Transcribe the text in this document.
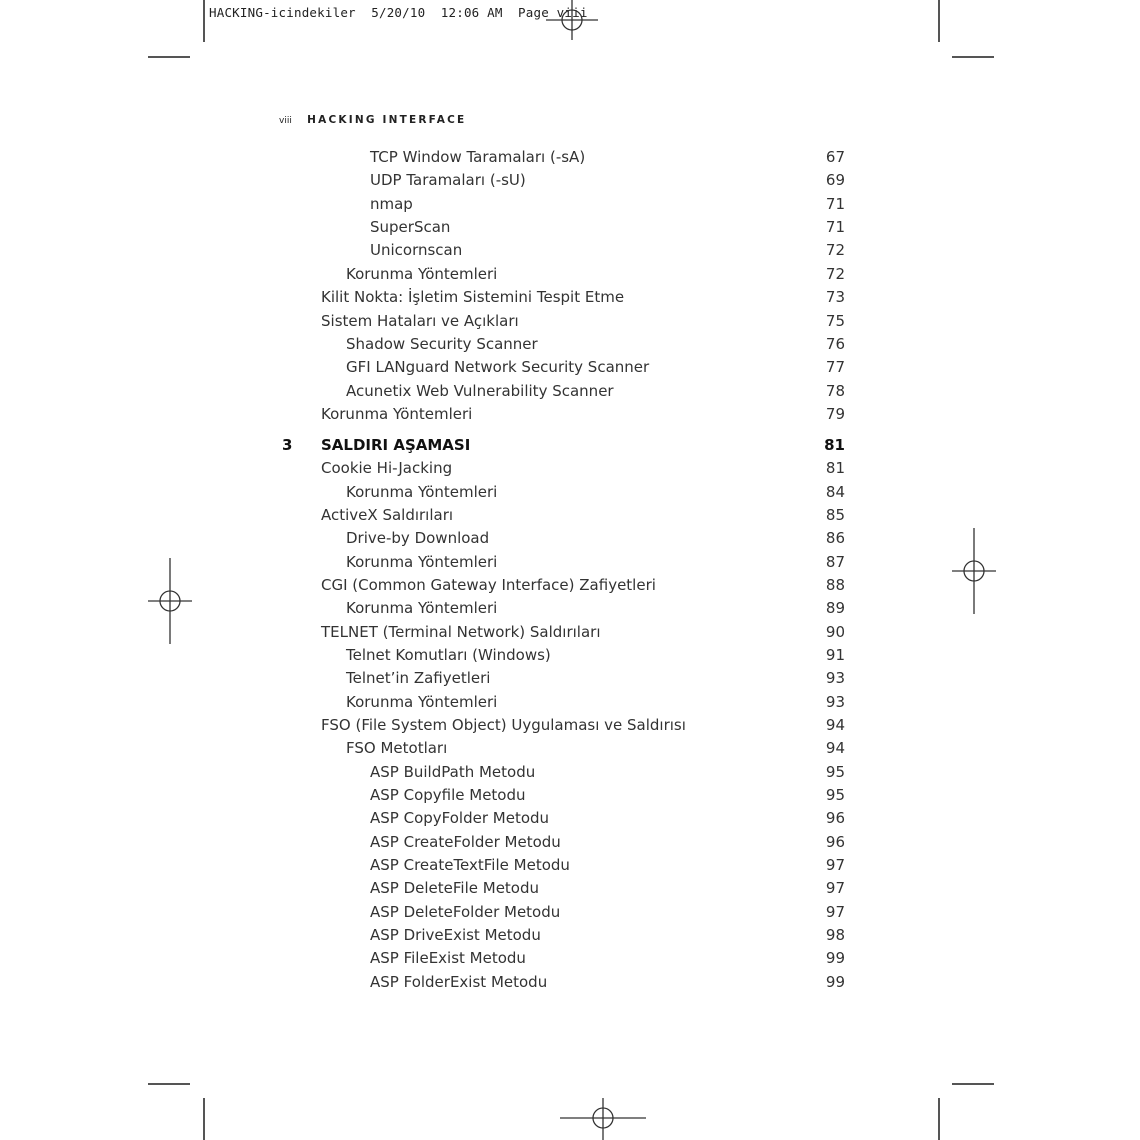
HACKING-icindekiler  5/20/10  12:06 AM  Page viii
viii HACKING INTERFACE
TCP Window Taramaları (-sA)	67
UDP Taramaları (-sU)	69
nmap	71
SuperScan	71
Unicornscan	72
Korunma Yöntemleri	72
Kilit Nokta: İşletim Sistemini Tespit Etme	73
Sistem Hataları ve Açıkları	75
Shadow Security Scanner	76
GFI LANguard Network Security Scanner	77
Acunetix Web Vulnerability Scanner	78
Korunma Yöntemleri	79
3 SALDIRI AŞAMASI	81
Cookie Hi-Jacking	81
Korunma Yöntemleri	84
ActiveX Saldırıları	85
Drive-by Download	86
Korunma Yöntemleri	87
CGI (Common Gateway Interface) Zafiyetleri	88
Korunma Yöntemleri	89
TELNET (Terminal Network) Saldırıları	90
Telnet Komutları (Windows)	91
Telnet’in Zafiyetleri	93
Korunma Yöntemleri	93
FSO (File System Object) Uygulaması ve Saldırısı	94
FSO Metotları	94
ASP BuildPath Metodu	95
ASP Copyfile Metodu	95
ASP CopyFolder Metodu	96
ASP CreateFolder Metodu	96
ASP CreateTextFile Metodu	97
ASP DeleteFile Metodu	97
ASP DeleteFolder Metodu	97
ASP DriveExist Metodu	98
ASP FileExist Metodu	99
ASP FolderExist Metodu	99
